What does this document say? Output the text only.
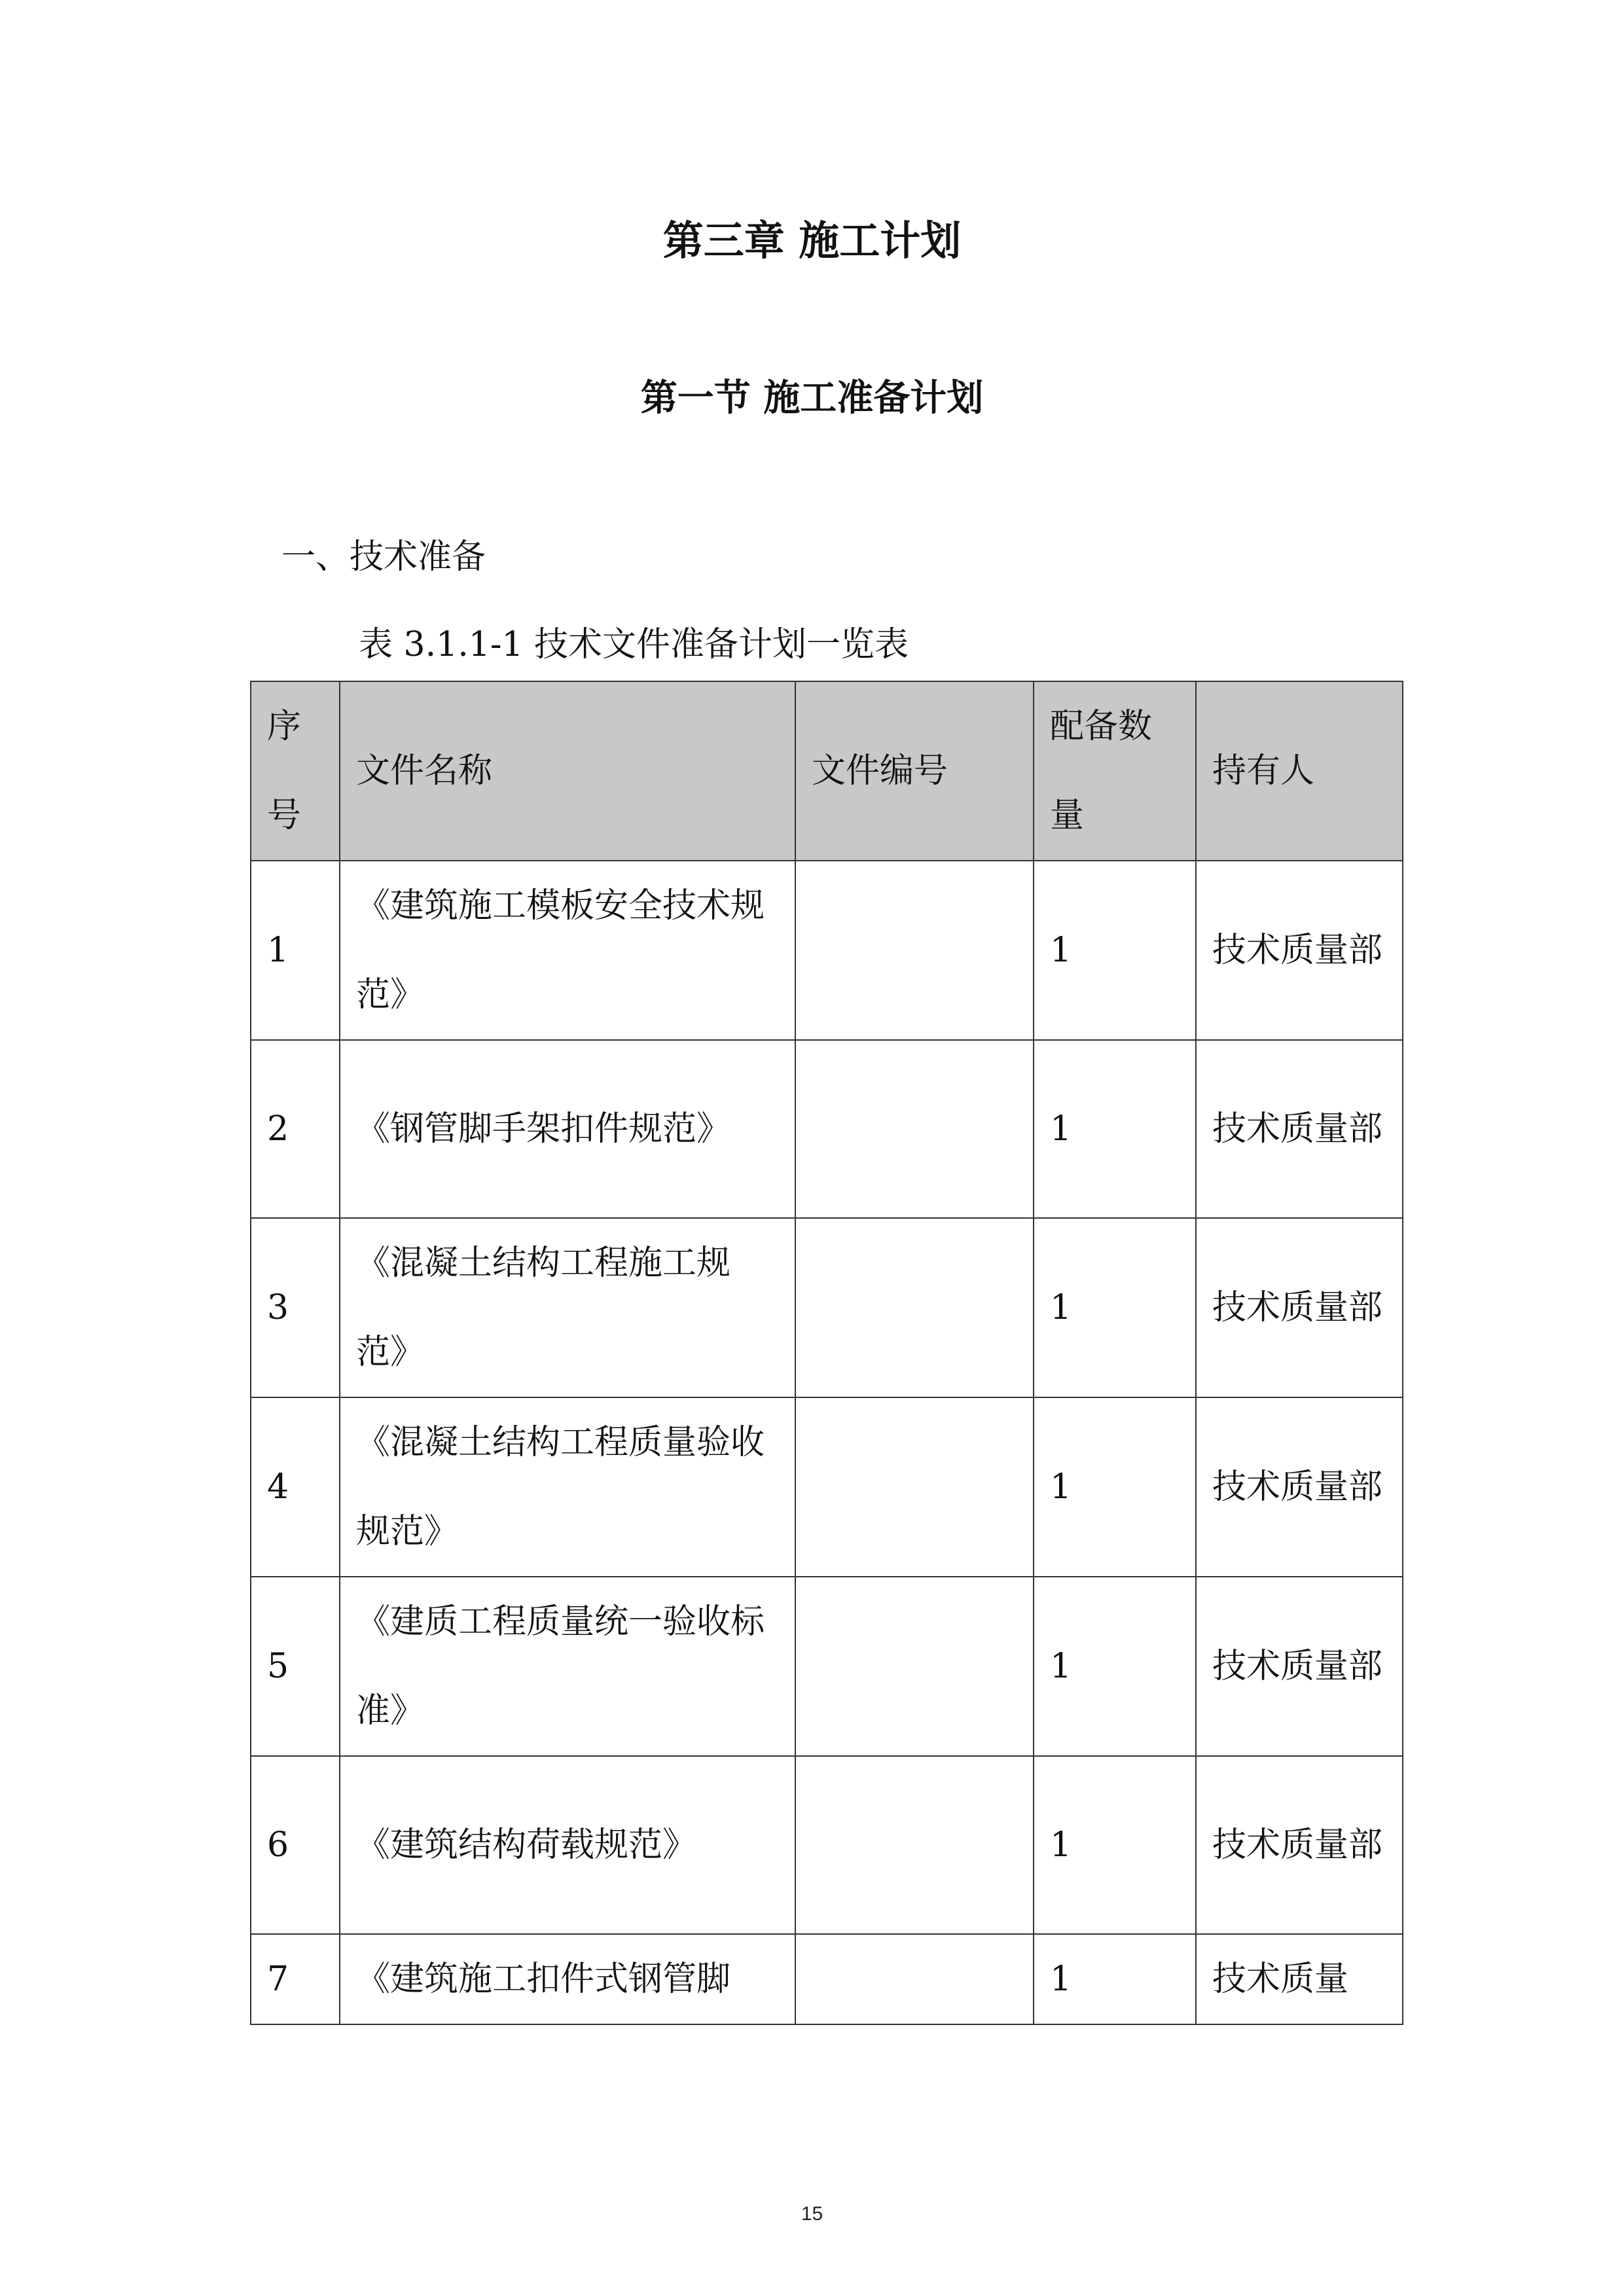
第三章 施工计划
第一节 施工准备计划
一、技术准备
表 3.1.1-1 技术文件准备计划一览表
序号	文件名称	文件编号	配备数量	持有人

1	《建筑施工模板安全技术规范》		1	技术质量部

2	《钢管脚手架扣件规范》		1	技术质量部

3	《混凝土结构工程施工规范》		1	技术质量部

4	《混凝土结构工程质量验收规范》		1	技术质量部

5	《建质工程质量统一验收标准》		1	技术质量部

6	《建筑结构荷载规范》		1	技术质量部

7	《建筑施工扣件式钢管脚		1	技术质量
15
